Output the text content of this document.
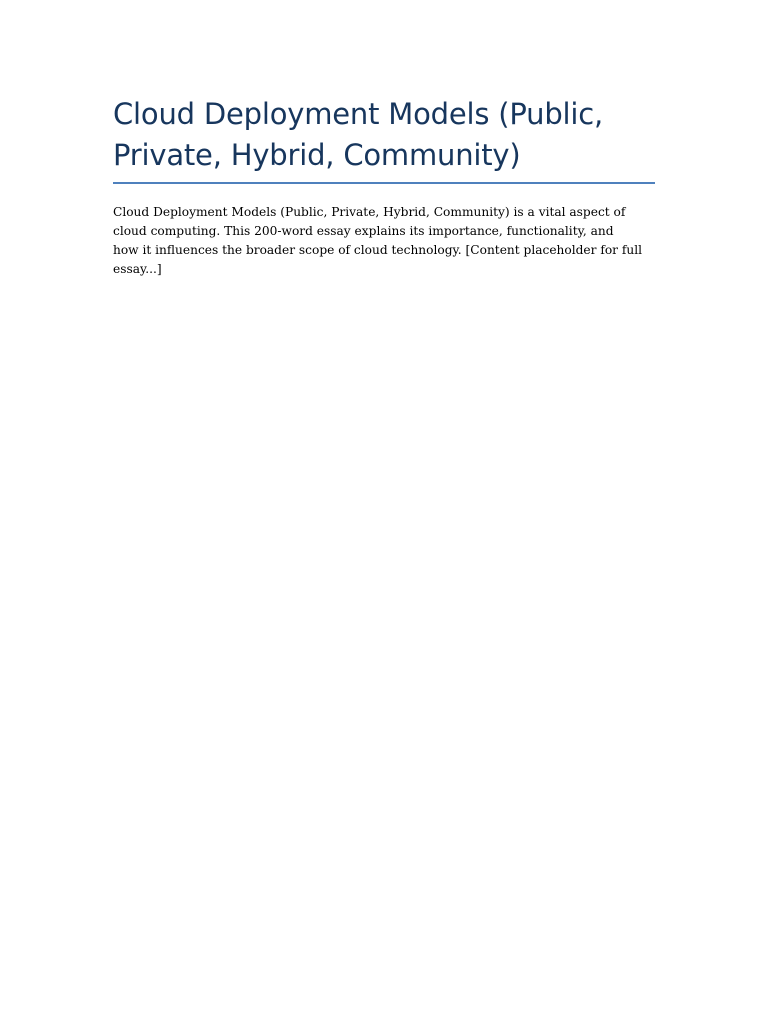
Cloud Deployment Models (Public, Private, Hybrid, Community)

Cloud Deployment Models (Public, Private, Hybrid, Community) is a vital aspect of cloud computing. This 200-word essay explains its importance, functionality, and how it influences the broader scope of cloud technology. [Content placeholder for full essay...]
